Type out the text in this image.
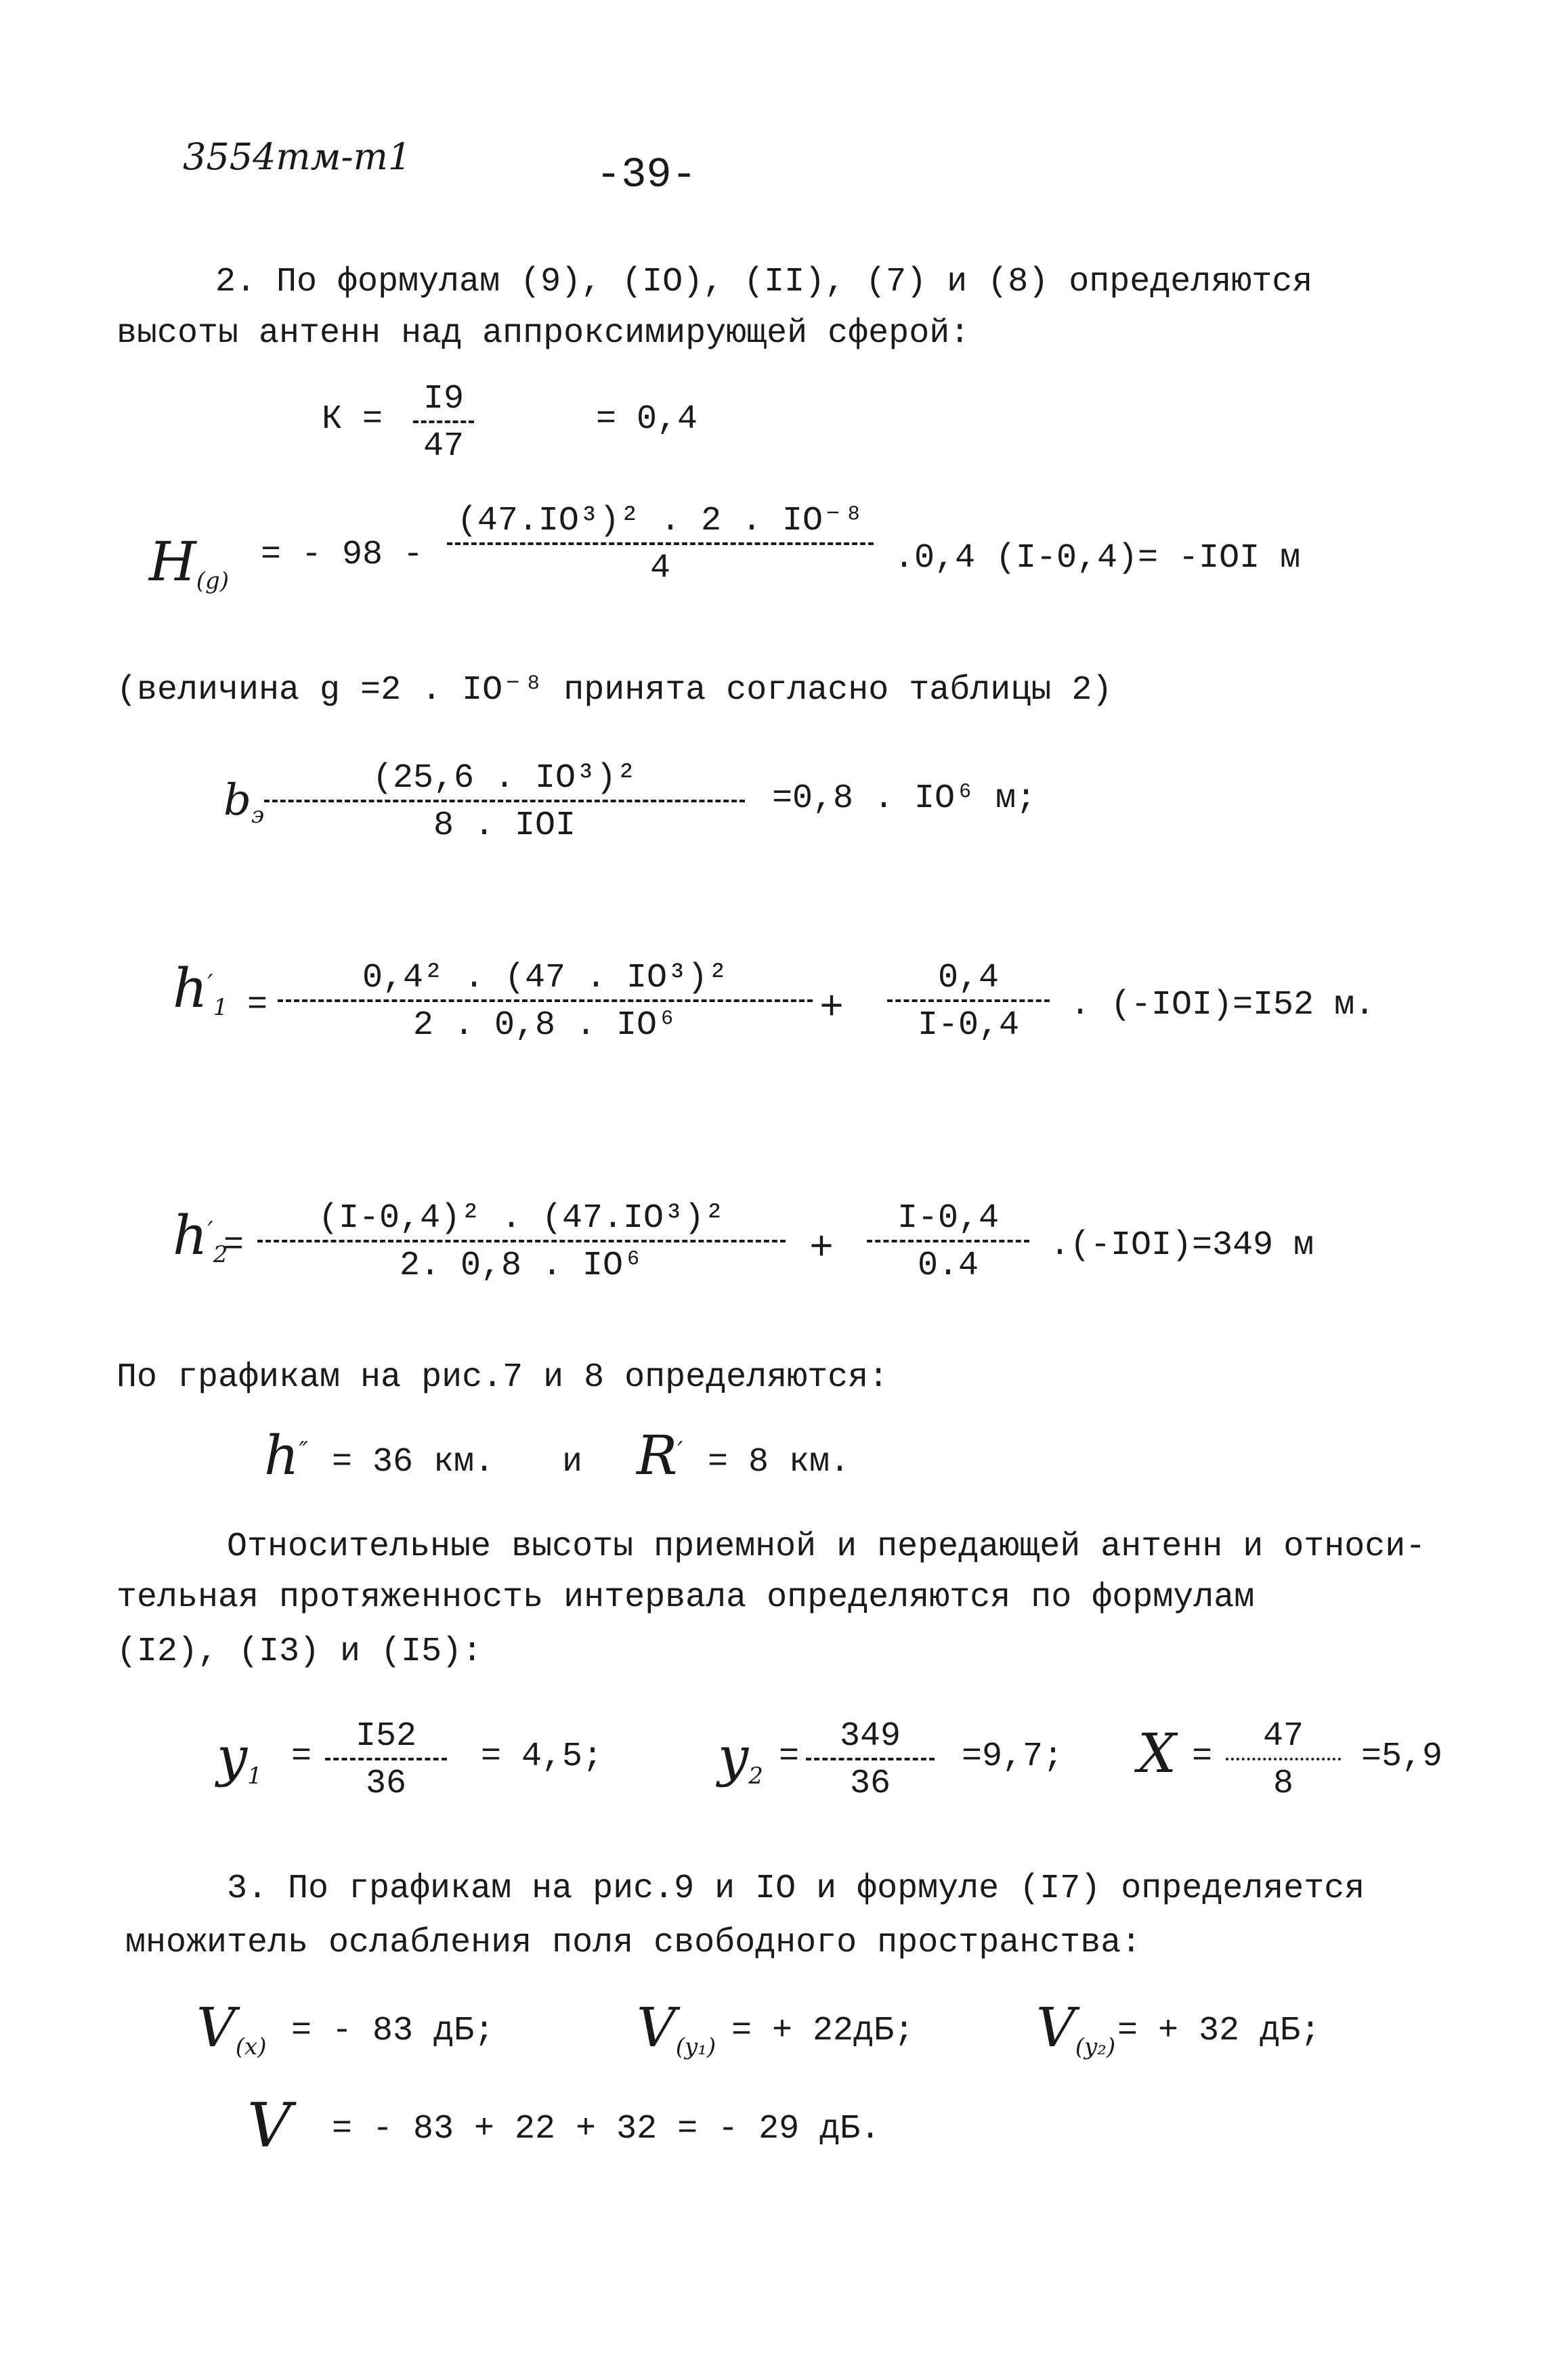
3554тм-т1	-39-
2. По формулам (9), (IO), (II), (7) и (8) определяются
высоты антенн над аппроксимирующей сферой:
$К = \frac{I9}{47}$	= 0,4
$H_{(g)}$
= - $98 - \frac{\text{(47.IO³)² . 2 . IO⁻⁸}}{4} .0,4$ (I-0,4)= -IOI м
(величина g =2 . IO⁻⁸ принята согласно таблицы 2)
$b_э$
(25,6 . IO³)²
8 . IOI
=0,8 . IO⁶ м;
$h'_1 = \frac{\text{0,4² . (47 . IO³)²}}{\text{2 . 0,8 . IO⁶}} + \frac{0,4}{I-0,4}$ . (-IOI)=I52 м.
$h'_2$
= $\frac{\text{(I-0,4)² . (47.IO³)²}}{\text{2. 0,8 . IO⁶}} + \frac{I-0,4}{0.4} .(-IOI)=349$ м
По графикам на рис.7 и 8 определяются:
h″ = 36 км. и R′ = 8 км.
Относительные высоты приемной и передающей антенн и относи-
тельная протяженность интервала определяются по формулам
(I2), (I3) и (I5):
$y_1 = \frac{I52}{36} = 4,5$; $y_2 = \frac{349}{36} =9,7$; $X = \frac{47}{8} =5,9$
3. По графикам на рис.9 и IO и формуле (I7) определяется
множитель ослабления поля свободного пространства:
$V_{(x)}$ = - 83 дБ;	$V_{(y_1)}$ = + 22дБ; $V_{(y_2)}$ = + 32 дБ;
V = - 83 + 22 + 32 = - 29 дБ.
